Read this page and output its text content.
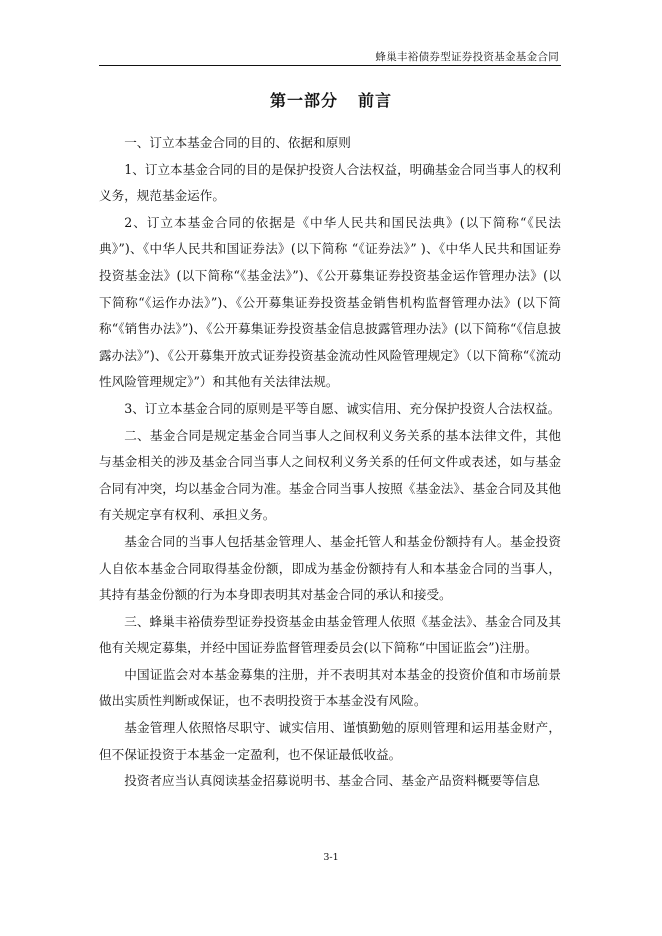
蜂巢丰裕债券型证券投资基金基金合同
第一部分 前言

一、订立本基金合同的目的、依据和原则

1、订立本基金合同的目的是保护投资人合法权益，明确基金合同当事人的权利义务，规范基金运作。

2、订立本基金合同的依据是《中华人民共和国民法典》(以下简称“《民法典》”)、《中华人民共和国证券法》(以下简称 “《证券法》” )、《中华人民共和国证券投资基金法》(以下简称“《基金法》”)、《公开募集证券投资基金运作管理办法》(以下简称“《运作办法》”)、《公开募集证券投资基金销售机构监督管理办法》(以下简称“《销售办法》”)、《公开募集证券投资基金信息披露管理办法》(以下简称“《信息披露办法》”)、《公开募集开放式证券投资基金流动性风险管理规定》（以下简称“《流动性风险管理规定》”）和其他有关法律法规。

3、订立本基金合同的原则是平等自愿、诚实信用、充分保护投资人合法权益。

二、基金合同是规定基金合同当事人之间权利义务关系的基本法律文件，其他与基金相关的涉及基金合同当事人之间权利义务关系的任何文件或表述，如与基金合同有冲突，均以基金合同为准。基金合同当事人按照《基金法》、基金合同及其他有关规定享有权利、承担义务。

基金合同的当事人包括基金管理人、基金托管人和基金份额持有人。基金投资人自依本基金合同取得基金份额，即成为基金份额持有人和本基金合同的当事人，其持有基金份额的行为本身即表明其对基金合同的承认和接受。

三、蜂巢丰裕债券型证券投资基金由基金管理人依照《基金法》、基金合同及其他有关规定募集，并经中国证券监督管理委员会(以下简称“中国证监会”)注册。

中国证监会对本基金募集的注册，并不表明其对本基金的投资价值和市场前景做出实质性判断或保证，也不表明投资于本基金没有风险。

基金管理人依照恪尽职守、诚实信用、谨慎勤勉的原则管理和运用基金财产，但不保证投资于本基金一定盈利，也不保证最低收益。

投资者应当认真阅读基金招募说明书、基金合同、基金产品资料概要等信息

3-1
